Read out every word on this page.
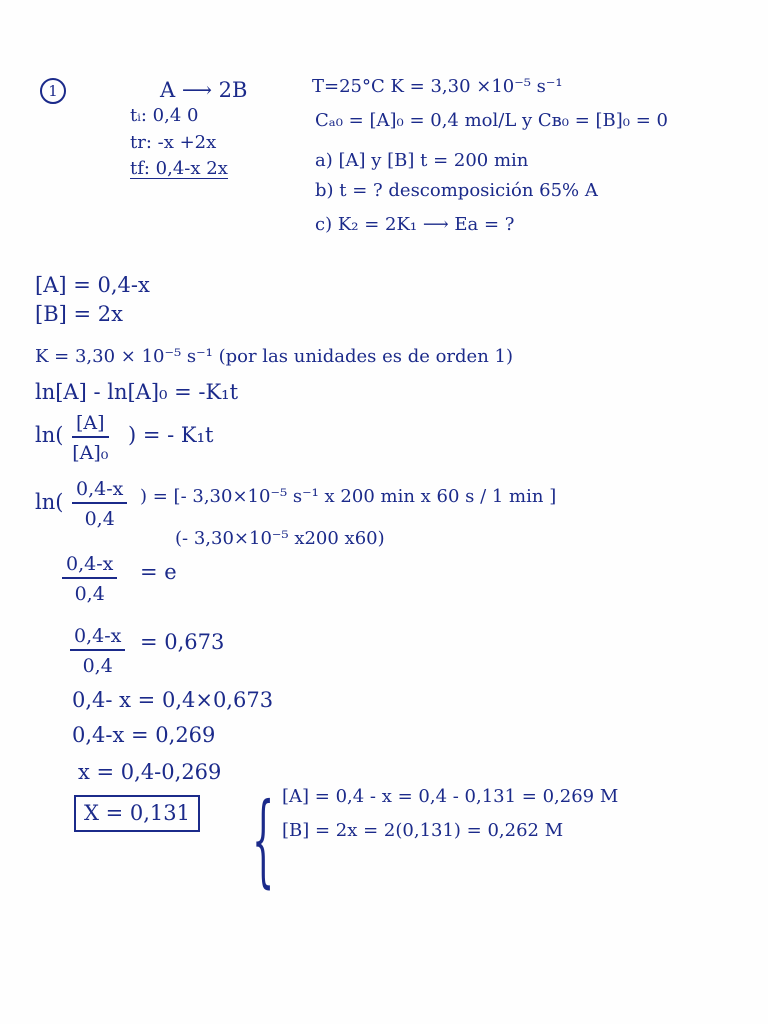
1	A ⟶ 2B
tᵢ: 0,4 0
tr: -x +2x
tf: 0,4-x 2x
T=25°C K = 3,30 ×10⁻⁵ s⁻¹
Cₐ₀ = [A]₀ = 0,4 mol/L y Cʙ₀ = [B]₀ = 0
a) [A] y [B] t = 200 min
b) t = ? descomposición 65% A
c) K₂ = 2K₁ ⟶ Ea = ?
[A] = 0,4-x
[B] = 2x
K = 3,30 × 10⁻⁵ s⁻¹ (por las unidades es de orden 1)
ln[A] - ln[A]₀ = -K₁t
$\ln( \frac{[A]}{\text{[A]₀}}$ ) = - K₁t
$\ln( \frac{0,4-x}{0,4}$ ) = [- 3,30×10⁻⁵ s⁻¹ x 200 min x 60 s / 1 min ]
(- 3,30×10⁻⁵ x200 x60)
$\frac{0,4-x}{0,4} = e$
$\frac{0,4-x}{0,4} = 0,673$
0,4- x = 0,4×0,673
0,4-x = 0,269
x = 0,4-0,269
X = 0,131 { [A] = 0,4 - x = 0,4 - 0,131 = 0,269 M
[B] = 2x = 2(0,131) = 0,262 M
